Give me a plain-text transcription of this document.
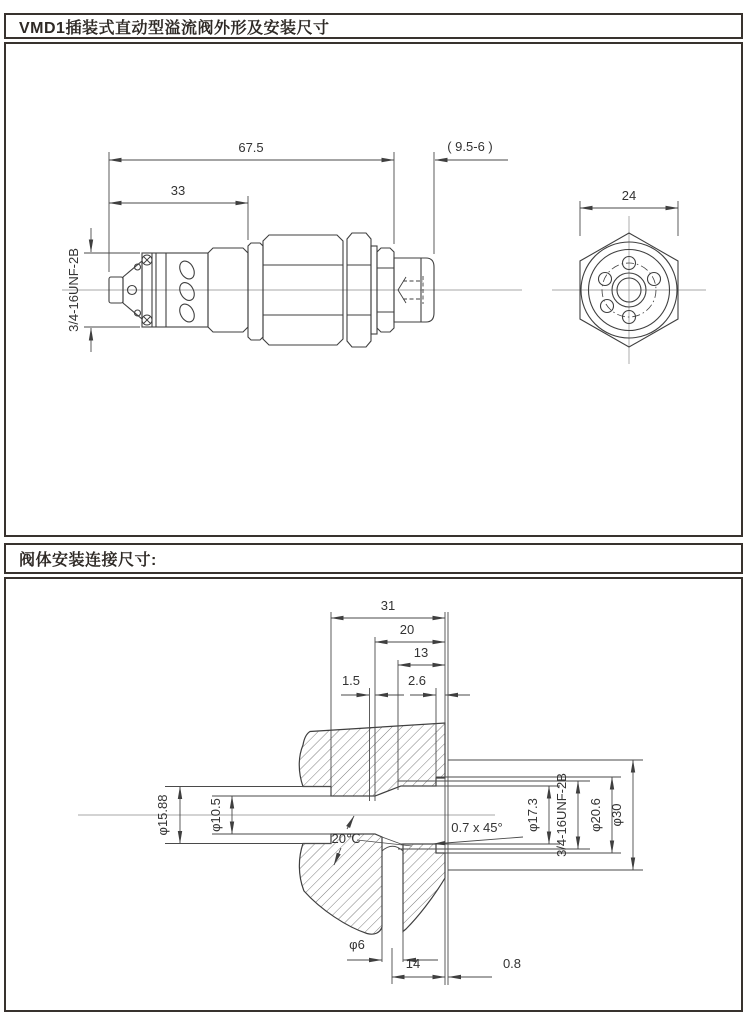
VMD1插装式直动型溢流阀外形及安装尺寸
67.5
33
( 9.5-6 )
3/4-16UNF-2B
24
阀体安装连接尺寸:
31
20
13
1.5	2.6
φ15.88	φ10.5
20℃
0.7 x 45° φ17.3 3/4-16UNF-2B φ20.6 φ30
φ6
14	0.8
